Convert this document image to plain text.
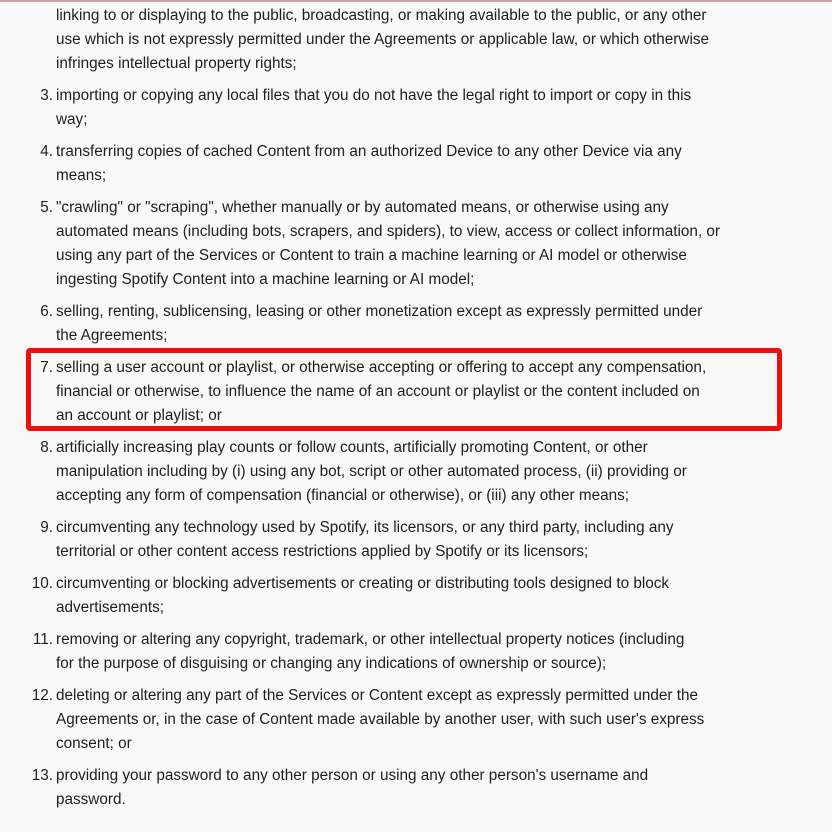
linking to or displaying to the public, broadcasting, or making available to the public, or any other
use which is not expressly permitted under the Agreements or applicable law, or which otherwise
infringes intellectual property rights;
3. importing or copying any local files that you do not have the legal right to import or copy in this
way;
4. transferring copies of cached Content from an authorized Device to any other Device via any
means;
5. "crawling" or "scraping", whether manually or by automated means, or otherwise using any
automated means (including bots, scrapers, and spiders), to view, access or collect information, or
using any part of the Services or Content to train a machine learning or AI model or otherwise
ingesting Spotify Content into a machine learning or AI model;
6. selling, renting, sublicensing, leasing or other monetization except as expressly permitted under
the Agreements;
7. selling a user account or playlist, or otherwise accepting or offering to accept any compensation,
financial or otherwise, to influence the name of an account or playlist or the content included on
an account or playlist; or
8. artificially increasing play counts or follow counts, artificially promoting Content, or other
manipulation including by (i) using any bot, script or other automated process, (ii) providing or
accepting any form of compensation (financial or otherwise), or (iii) any other means;
9. circumventing any technology used by Spotify, its licensors, or any third party, including any
territorial or other content access restrictions applied by Spotify or its licensors;
10. circumventing or blocking advertisements or creating or distributing tools designed to block
advertisements;
11. removing or altering any copyright, trademark, or other intellectual property notices (including
for the purpose of disguising or changing any indications of ownership or source);
12. deleting or altering any part of the Services or Content except as expressly permitted under the
Agreements or, in the case of Content made available by another user, with such user's express
consent; or
13. providing your password to any other person or using any other person's username and
password.
